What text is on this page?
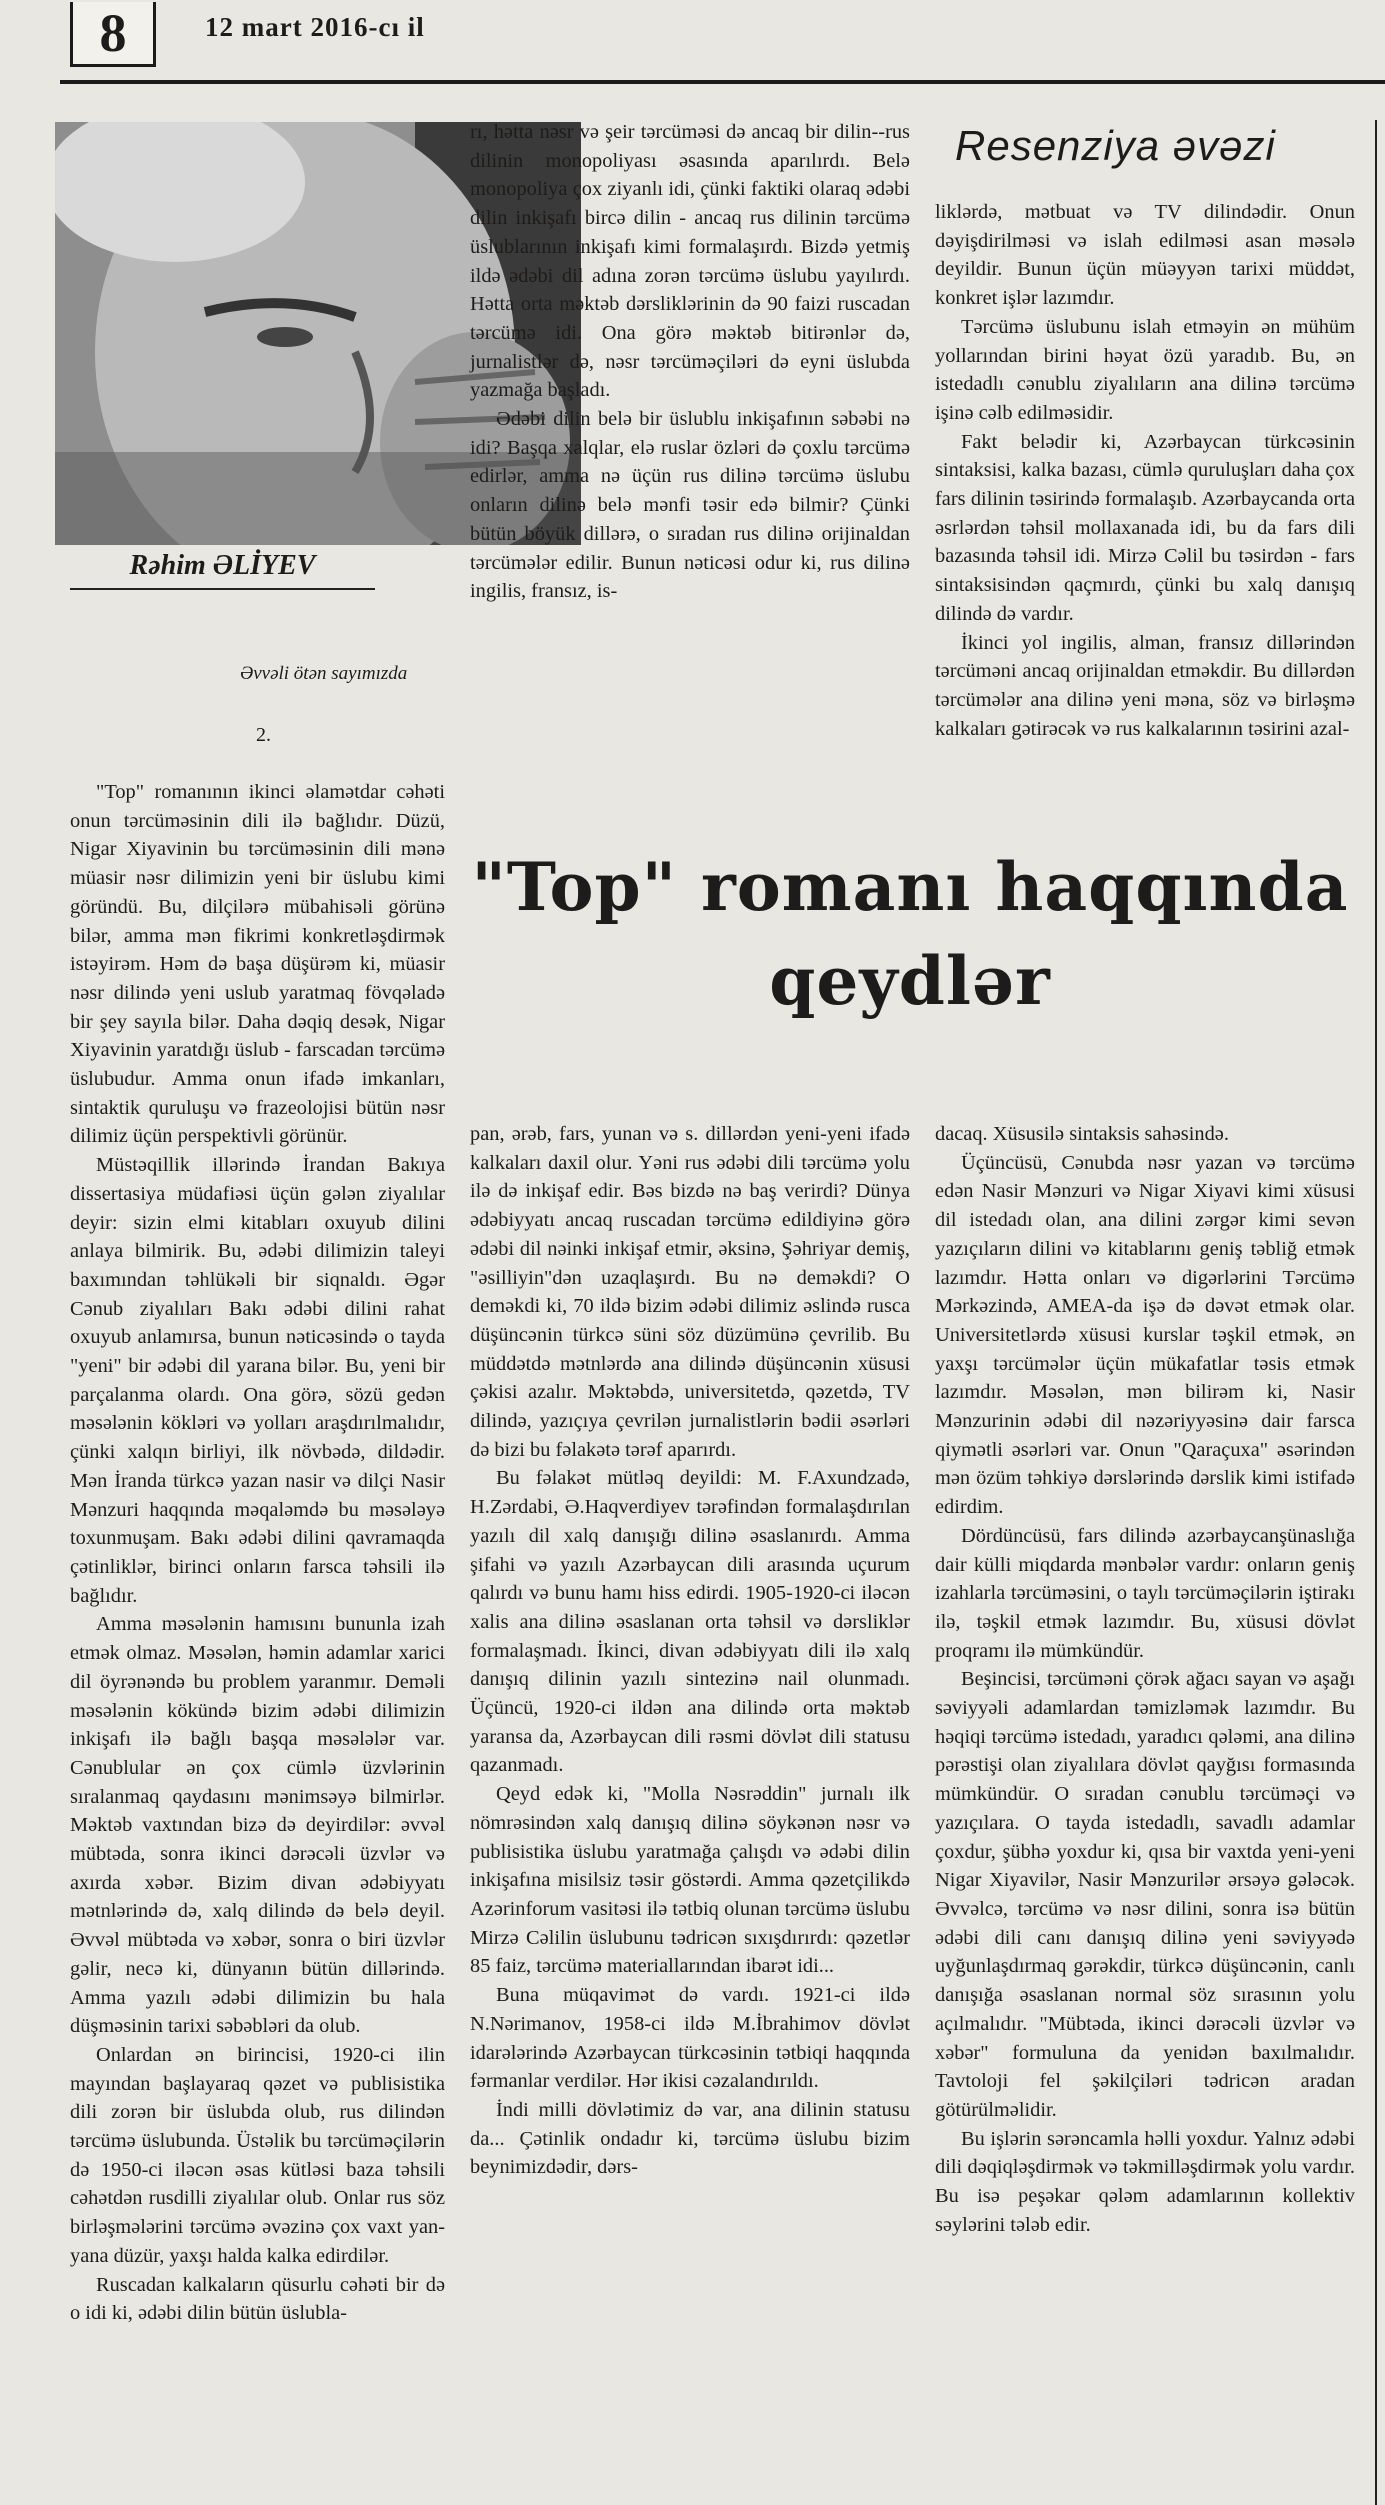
8	12 mart 2016-cı il
Rəhim ƏLİYEV
Əvvəli ötən sayımızda
2.
Resenziya əvəzi
"Top" romanı haqqında qeydlər

"Top" romanının ikinci əlamətdar cəhəti onun tərcüməsinin dili ilə bağlıdır. Düzü, Nigar Xiyavinin bu tərcüməsinin dili mənə müasir nəsr dilimizin yeni bir üslubu kimi göründü. Bu, dilçilərə mübahisəli görünə bilər, amma mən fikrimi konkretləşdirmək istəyirəm. Həm də başa düşürəm ki, müasir nəsr dilində yeni uslub yaratmaq fövqəladə bir şey sayıla bilər. Daha dəqiq desək, Nigar Xiyavinin yaratdığı üslub - farscadan tərcümə üslubudur. Amma onun ifadə imkanları, sintaktik quruluşu və frazeolojisi bütün nəsr dilimiz üçün perspektivli görünür.

Müstəqillik illərində İrandan Bakıya dissertasiya müdafiəsi üçün gələn ziyalılar deyir: sizin elmi kitabları oxuyub dilini anlaya bilmirik. Bu, ədəbi dilimizin taleyi baxımından təhlükəli bir siqnaldı. Əgər Cənub ziyalıları Bakı ədəbi dilini rahat oxuyub anlamırsa, bunun nəticəsində o tayda "yeni" bir ədəbi dil yarana bilər. Bu, yeni bir parçalanma olardı. Ona görə, sözü gedən məsələnin kökləri və yolları araşdırılmalıdır, çünki xalqın birliyi, ilk növbədə, dildədir. Mən İranda türkcə yazan nasir və dilçi Nasir Mənzuri haqqında məqaləmdə bu məsələyə toxunmuşam. Bakı ədəbi dilini qavramaqda çətinliklər, birinci onların farsca təhsili ilə bağlıdır.

Amma məsələnin hamısını bununla izah etmək olmaz. Məsələn, həmin adamlar xarici dil öyrənəndə bu problem yaranmır. Deməli məsələnin kökündə bizim ədəbi dilimizin inkişafı ilə bağlı başqa məsələlər var. Cənublular ən çox cümlə üzvlərinin sıralanmaq qaydasını mənimsəyə bilmirlər. Məktəb vaxtından bizə də deyirdilər: əvvəl mübtəda, sonra ikinci dərəcəli üzvlər və axırda xəbər. Bizim divan ədəbiyyatı mətnlərində də, xalq dilində də belə deyil. Əvvəl mübtəda və xəbər, sonra o biri üzvlər gəlir, necə ki, dünyanın bütün dillərində. Amma yazılı ədəbi dilimizin bu hala düşməsinin tarixi səbəbləri da olub.

Onlardan ən birincisi, 1920-ci ilin mayından başlayaraq qəzet və publisistika dili zorən bir üslubda olub, rus dilindən tərcümə üslubunda. Üstəlik bu tərcüməçilərin də 1950-ci iləcən əsas kütləsi baza təhsili cəhətdən rusdilli ziyalılar olub. Onlar rus söz birləşmələrini tərcümə əvəzinə çox vaxt yan-yana düzür, yaxşı halda kalka edirdilər.

Ruscadan kalkaların qüsurlu cəhəti bir də o idi ki, ədəbi dilin bütün üslubla-

rı, hətta nəsr və şeir tərcüməsi də ancaq bir dilin--rus dilinin monopoliyası əsasında aparılırdı. Belə monopoliya çox ziyanlı idi, çünki faktiki olaraq ədəbi dilin inkişafı birсə dilin - ancaq rus dilinin tərcümə üslublarının inkişafı kimi formalaşırdı. Bizdə yetmiş ildə ədəbi dil adına zorən tərcümə üslubu yayılırdı. Hətta orta məktəb dərsliklərinin də 90 faizi ruscadan tərcümə idi. Ona görə məktəb bitirənlər də, jurnalistlər də, nəsr tərcüməçiləri də eyni üslubda yazmağa başladı.

Ədəbi dilin belə bir üslublu inkişafının səbəbi nə idi? Başqa xalqlar, elə ruslar özləri də çoxlu tərcümə edirlər, amma nə üçün rus dilinə tərcümə üslubu onların dilinə belə mənfi təsir edə bilmir? Çünki bütün böyük dillərə, o sıradan rus dilinə orijinaldan tərcümələr edilir. Bunun nəticəsi odur ki, rus dilinə ingilis, fransız, is-

liklərdə, mətbuat və TV dilindədir. Onun dəyişdirilməsi və islah edilməsi asan məsələ deyildir. Bunun üçün müəyyən tarixi müddət, konkret işlər lazımdır.

Tərcümə üslubunu islah etməyin ən mühüm yollarından birini həyat özü yaradıb. Bu, ən istedadlı cənublu ziyalıların ana dilinə tərcümə işinə cəlb edilməsidir.

Fakt belədir ki, Azərbaycan türkcəsinin sintaksisi, kalka bazası, cümlə quruluşları daha çox fars dilinin təsirində formalaşıb. Azərbaycanda orta əsrlərdən təhsil mollaxanada idi, bu da fars dili bazasında təhsil idi. Mirzə Cəlil bu təsirdən - fars sintaksisindən qaçmırdı, çünki bu xalq danışıq dilində də vardır.

İkinci yol ingilis, alman, fransız dillərindən tərcüməni ancaq orijinaldan etməkdir. Bu dillərdən tərcümələr ana dilinə yeni məna, söz və birləşmə kalkaları gətirəcək və rus kalkalarının təsirini azal-

pan, ərəb, fars, yunan və s. dillərdən yeni-yeni ifadə kalkaları daxil olur. Yəni rus ədəbi dili tərcümə yolu ilə də inkişaf edir. Bəs bizdə nə baş verirdi? Dünya ədəbiyyatı ancaq ruscadan tərcümə edildiyinə görə ədəbi dil nəinki inkişaf etmir, əksinə, Şəhriyar demiş, "əsilliyin"dən uzaqlaşırdı. Bu nə deməkdi? O deməkdi ki, 70 ildə bizim ədəbi dilimiz əslində rusca düşüncənin türkcə süni söz düzümünə çevrilib. Bu müddətdə mətnlərdə ana dilində düşüncənin xüsusi çəkisi azalır. Məktəbdə, universitetdə, qəzetdə, TV dilində, yazıçıya çevrilən jurnalistlərin bədii əsərləri də bizi bu fəlakətə tərəf aparırdı.

Bu fəlakət mütləq deyildi: M. F.Axundzadə, H.Zərdabi, Ə.Haqverdiyev tərəfindən formalaşdırılan yazılı dil xalq danışığı dilinə əsaslanırdı. Amma şifahi və yazılı Azərbaycan dili arasında uçurum qalırdı və bunu hamı hiss edirdi. 1905-1920-ci iləcən xalis ana dilinə əsaslanan orta təhsil və dərsliklər formalaşmadı. İkinci, divan ədəbiyyatı dili ilə xalq danışıq dilinin yazılı sintezinə nail olunmadı. Üçüncü, 1920-ci ildən ana dilində orta məktəb yaransa da, Azərbaycan dili rəsmi dövlət dili statusu qazanmadı.

Qeyd edək ki, "Molla Nəsrəddin" jurnalı ilk nömrəsindən xalq danışıq dilinə söykənən nəsr və publisistika üslubu yaratmağa çalışdı və ədəbi dilin inkişafına misilsiz təsir göstərdi. Amma qəzetçilikdə Azərinforum vasitəsi ilə tətbiq olunan tərcümə üslubu Mirzə Cəlilin üslubunu tədricən sıxışdırırdı: qəzetlər 85 faiz, tərcümə materiallarından ibarət idi...

Buna müqavimət də vardı. 1921-ci ildə N.Nərimanov, 1958-ci ildə M.İbrahimov dövlət idarələrində Azərbaycan türkcəsinin tətbiqi haqqında fərmanlar verdilər. Hər ikisi cəzalandırıldı.

İndi milli dövlətimiz də var, ana dilinin statusu da... Çətinlik ondadır ki, tərcümə üslubu bizim beynimizdədir, dərs-

dacaq. Xüsusilə sintaksis sahəsində.

Üçüncüsü, Cənubda nəsr yazan və tərcümə edən Nasir Mənzuri və Nigar Xiyavi kimi xüsusi dil istedadı olan, ana dilini zərgər kimi sevən yazıçıların dilini və kitablarını geniş təbliğ etmək lazımdır. Hətta onları və digərlərini Tərcümə Mərkəzində, AMEA-da işə də dəvət etmək olar. Universitetlərdə xüsusi kurslar təşkil etmək, ən yaxşı tərcümələr üçün mükafatlar təsis etmək lazımdır. Məsələn, mən bilirəm ki, Nasir Mənzurinin ədəbi dil nəzəriyyəsinə dair farsca qiymətli əsərləri var. Onun "Qaraçuxa" əsərindən mən özüm təhkiyə dərslərində dərslik kimi istifadə edirdim.

Dördüncüsü, fars dilində azərbaycanşünaslığa dair külli miqdarda mənbələr vardır: onların geniş izahlarla tərcüməsini, o taylı tərcüməçilərin iştirakı ilə, təşkil etmək lazımdır. Bu, xüsusi dövlət proqramı ilə mümkündür.

Beşincisi, tərcüməni çörək ağacı sayan və aşağı səviyyəli adamlardan təmizləmək lazımdır. Bu həqiqi tərcümə istedadı, yaradıcı qələmi, ana dilinə pərəstişi olan ziyalılara dövlət qayğısı formasında mümkündür. O sıradan cənublu tərcüməçi və yazıçılara. O tayda istedadlı, savadlı adamlar çoxdur, şübhə yoxdur ki, qısa bir vaxtda yeni-yeni Nigar Xiyavilər, Nasir Mənzurilər ərsəyə gələcək. Əvvəlcə, tərcümə və nəsr dilini, sonra isə bütün ədəbi dili canı danışıq dilinə yeni səviyyədə uyğunlaşdırmaq gərəkdir, türkcə düşüncənin, canlı danışığa əsaslanan normal söz sırasının yolu açılmalıdır. "Mübtəda, ikinci dərəcəli üzvlər və xəbər" formuluna da yenidən baxılmalıdır. Tavtoloji fel şəkilçiləri tədricən aradan götürülməlidir.

Bu işlərin sərəncamla həlli yoxdur. Yalnız ədəbi dili dəqiqləşdirmək və təkmilləşdirmək yolu vardır. Bu isə peşəkar qələm adamlarının kollektiv səylərini tələb edir.
